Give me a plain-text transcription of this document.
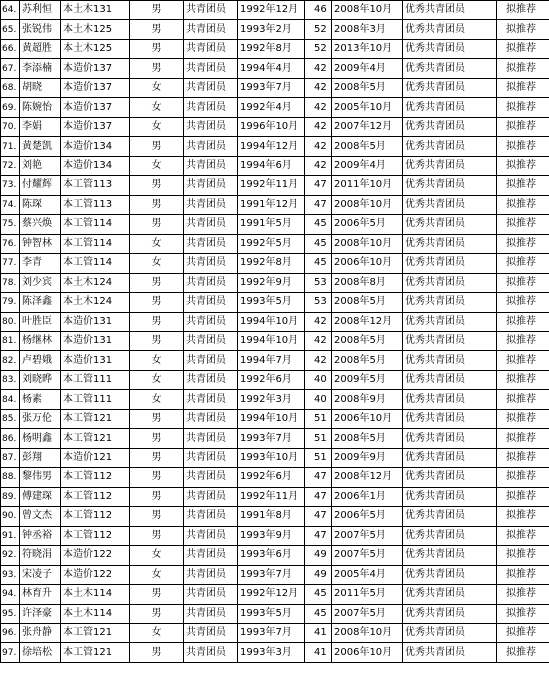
64.	苏利恒	本土木131	男	共青团员	1992年12月	46	2008年10月	优秀共青团员	拟推荐
65.	张锐伟	本土木125	男	共青团员	1993年2月	52	2008年3月	优秀共青团员	拟推荐
66.	黄超胜	本土木125	男	共青团员	1992年8月	52	2013年10月	优秀共青团员	拟推荐
67.	李添楠	本造价137	男	共青团员	1994年4月	42	2009年4月	优秀共青团员	拟推荐
68.	胡晓	本造价137	女	共青团员	1993年7月	42	2008年5月	优秀共青团员	拟推荐
69.	陈婉怡	本造价137	女	共青团员	1992年4月	42	2005年10月	优秀共青团员	拟推荐
70.	李娟	本造价137	女	共青团员	1996年10月	42	2007年12月	优秀共青团员	拟推荐
71.	黄楚凯	本造价134	男	共青团员	1994年12月	42	2008年5月	优秀共青团员	拟推荐
72.	刘艳	本造价134	女	共青团员	1994年6月	42	2009年4月	优秀共青团员	拟推荐
73.	付耀辉	本工管113	男	共青团员	1992年11月	47	2011年10月	优秀共青团员	拟推荐
74.	陈琛	本工管113	男	共青团员	1991年12月	47	2008年10月	优秀共青团员	拟推荐
75.	蔡兴焕	本工管114	男	共青团员	1991年5月	45	2006年5月	优秀共青团员	拟推荐
76.	钟智林	本工管114	女	共青团员	1992年5月	45	2008年10月	优秀共青团员	拟推荐
77.	李青	本工管114	女	共青团员	1992年8月	45	2006年10月	优秀共青团员	拟推荐
78.	刘少宾	本土木124	男	共青团员	1992年9月	53	2008年8月	优秀共青团员	拟推荐
79.	陈泽鑫	本土木124	男	共青团员	1993年5月	53	2008年5月	优秀共青团员	拟推荐
80.	叶胜臣	本造价131	男	共青团员	1994年10月	42	2008年12月	优秀共青团员	拟推荐
81.	杨继林	本造价131	男	共青团员	1994年10月	42	2008年5月	优秀共青团员	拟推荐
82.	卢碧娥	本造价131	女	共青团员	1994年7月	42	2008年5月	优秀共青团员	拟推荐
83.	刘晓晔	本工管111	女	共青团员	1992年6月	40	2009年5月	优秀共青团员	拟推荐
84.	杨素	本工管111	女	共青团员	1992年3月	40	2008年9月	优秀共青团员	拟推荐
85.	张万伦	本工管121	男	共青团员	1994年10月	51	2006年10月	优秀共青团员	拟推荐
86.	杨明鑫	本工管121	男	共青团员	1993年7月	51	2008年5月	优秀共青团员	拟推荐
87.	彭翔	本造价121	男	共青团员	1993年10月	51	2009年9月	优秀共青团员	拟推荐
88.	黎伟男	本工管112	男	共青团员	1992年6月	47	2008年12月	优秀共青团员	拟推荐
89.	傅建琛	本工管112	男	共青团员	1992年11月	47	2006年1月	优秀共青团员	拟推荐
90.	曾文杰	本工管112	男	共青团员	1991年8月	47	2006年5月	优秀共青团员	拟推荐
91.	钟丞裕	本工管112	男	共青团员	1993年9月	47	2007年5月	优秀共青团员	拟推荐
92.	符晓涓	本造价122	女	共青团员	1993年6月	49	2007年5月	优秀共青团员	拟推荐
93.	宋凌子	本造价122	女	共青团员	1993年7月	49	2005年4月	优秀共青团员	拟推荐
94.	林育升	本土木114	男	共青团员	1992年12月	45	2011年5月	优秀共青团员	拟推荐
95.	许泽豪	本土木114	男	共青团员	1993年5月	45	2007年5月	优秀共青团员	拟推荐
96.	张舟静	本工管121	女	共青团员	1993年7月	41	2008年10月	优秀共青团员	拟推荐
97.	徐培松	本工管121	男	共青团员	1993年3月	41	2006年10月	优秀共青团员	拟推荐
